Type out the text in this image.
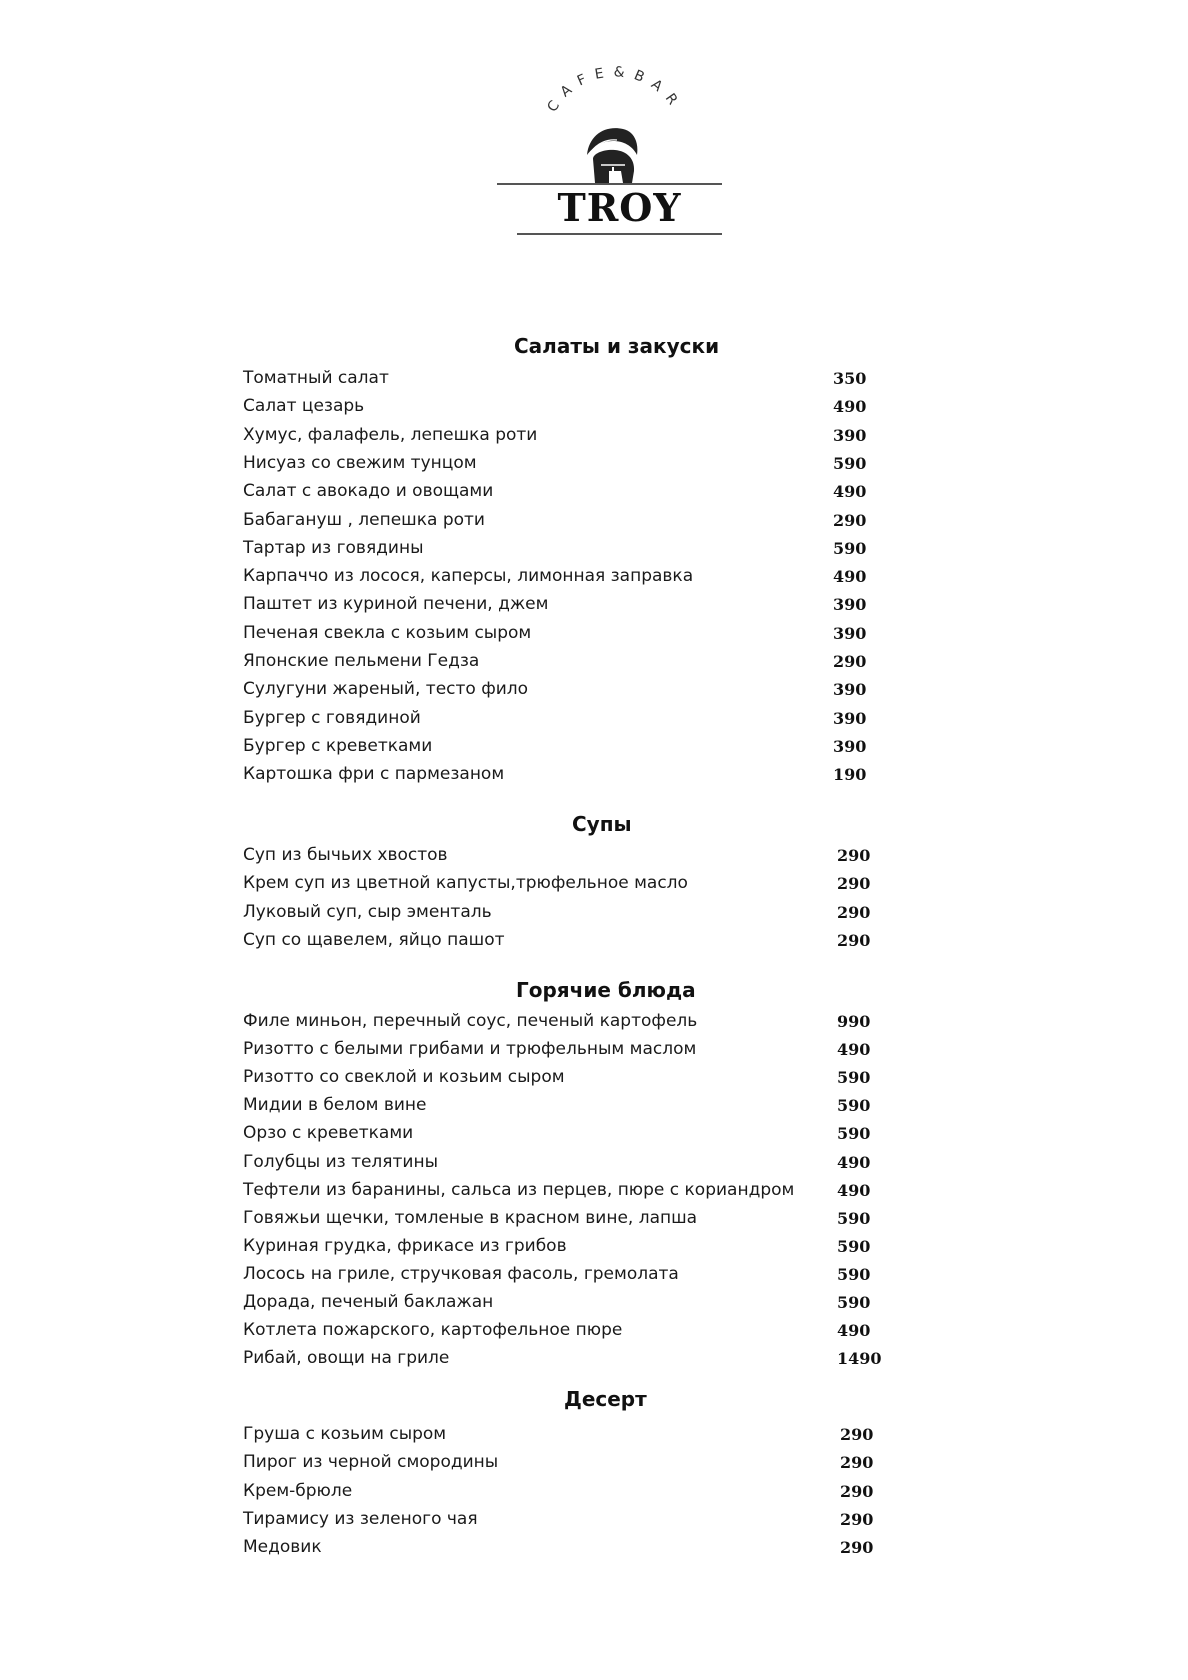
CAFE&BAR
TROY
Салаты и закуски
Супы
Горячие блюда
Десерт
Томатный салат	350
Салат цезарь	490
Хумус, фалафель, лепешка роти	390
Нисуаз со свежим тунцом	590
Салат с авокадо и овощами	490
Бабагануш , лепешка роти	290
Тартар из говядины	590
Карпаччо из лосося, каперсы, лимонная заправка	490
Паштет из куриной печени, джем	390
Печеная свекла с козьим сыром	390
Японские пельмени Гедза	290
Сулугуни жареный, тесто фило	390
Бургер с говядиной	390
Бургер с креветками	390
Картошка фри с пармезаном	190
Суп из бычьих хвостов	290
Крем суп из цветной капусты,трюфельное масло	290
Луковый суп, сыр эменталь	290
Суп со щавелем, яйцо пашот	290
Филе миньон, перечный соус, печеный картофель	990
Ризотто с белыми грибами и трюфельным маслом	490
Ризотто со свеклой и козьим сыром	590
Мидии в белом вине	590
Орзо с креветками	590
Голубцы из телятины	490
Тефтели из баранины, сальса из перцев, пюре с кориандром	490
Говяжьи щечки, томленые в красном вине, лапша	590
Куриная грудка, фрикасе из грибов	590
Лосось на гриле, стручковая фасоль, гремолата	590
Дорада, печеный баклажан	590
Котлета пожарского, картофельное пюре	490
Рибай, овощи на гриле	1490
Груша с козьим сыром	290
Пирог из черной смородины	290
Крем-брюле	290
Тирамису из зеленого чая	290
Медовик	290
